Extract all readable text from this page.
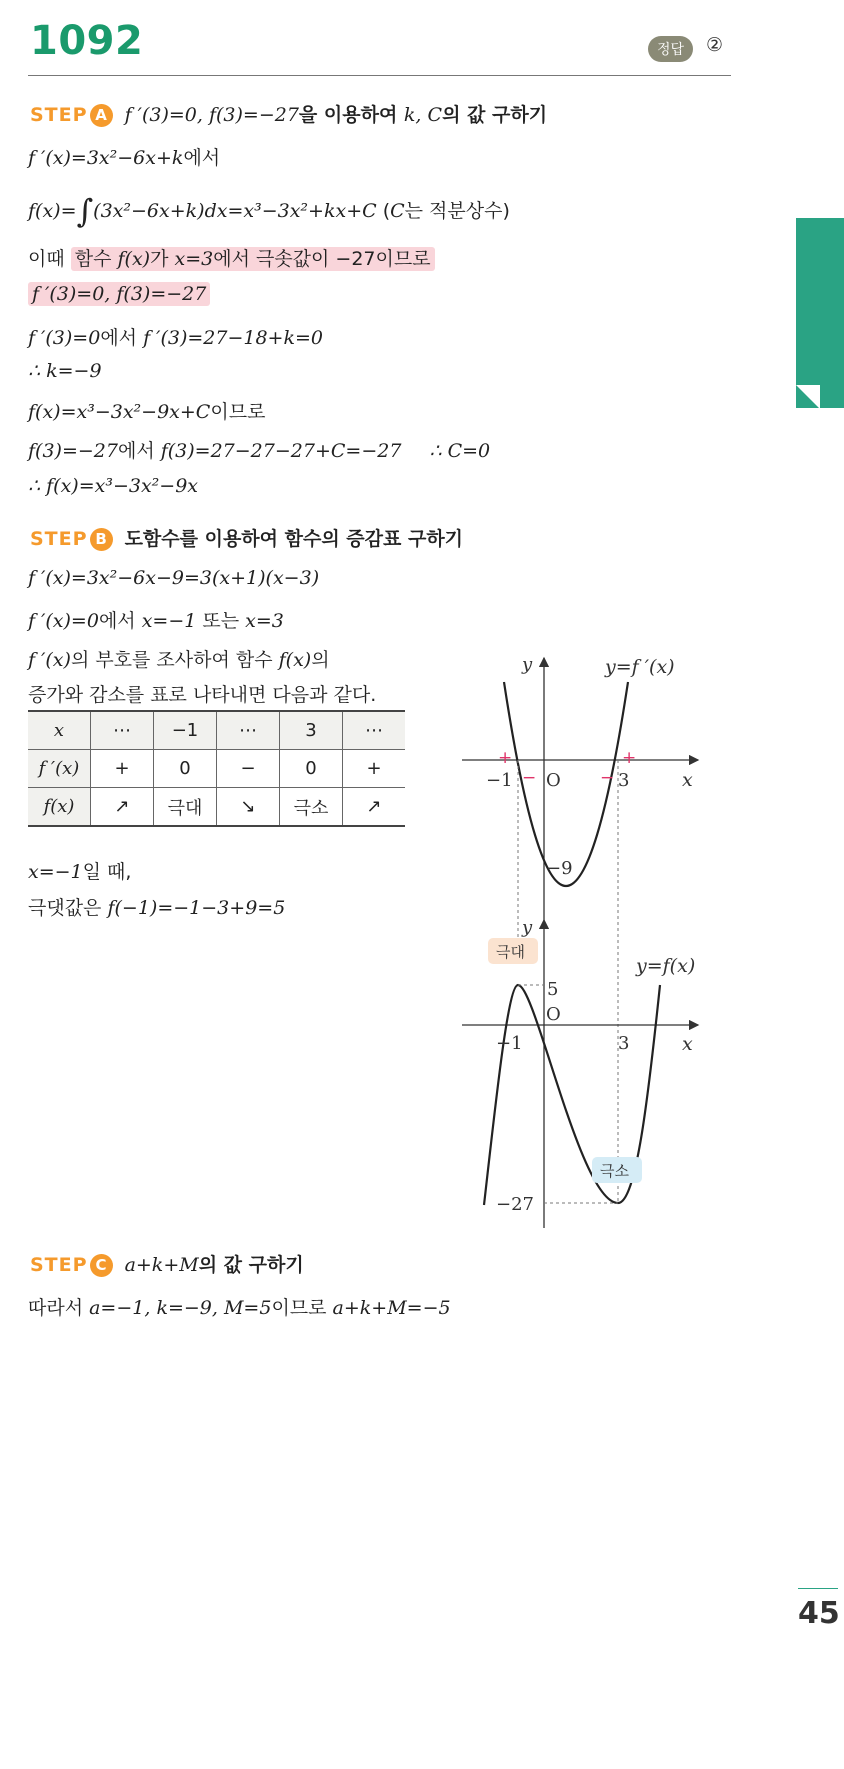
1092	정답	②
STEP A f ′(3)=0, f(3)=−27을 이용하여 k, C의 값 구하기
f ′(x)=3x²−6x+k에서
f(x)=∫(3x²−6x+k)dx=x³−3x²+kx+C (C는 적분상수)
이때 함수 f(x)가 x=3에서 극솟값이 −27이므로
f ′(3)=0, f(3)=−27
f ′(3)=0에서 f ′(3)=27−18+k=0
∴ k=−9
f(x)=x³−3x²−9x+C이므로
f(3)=−27에서 f(3)=27−27−27+C=−27 ∴ C=0
∴ f(x)=x³−3x²−9x
STEP B 도함수를 이용하여 함수의 증감표 구하기
f ′(x)=3x²−6x−9=3(x+1)(x−3)
f ′(x)=0에서 x=−1 또는 x=3
f ′(x)의 부호를 조사하여 함수 f(x)의
증가와 감소를 표로 나타내면 다음과 같다.
x	⋯	−1	⋯	3	⋯
f ′(x)	+	0	−	0	+
f(x)	↗	극대	↘	극소	↗
x=−1일 때,
극댓값은 f(−1)=−1−3+9=5
y	y=f ′(x)
x
O
−1	3
−9
+
−	−
+
y
y=f(x)
x
O
5
−1	3
−27
극대
극소
STEP C a+k+M의 값 구하기
따라서 a=−1, k=−9, M=5이므로 a+k+M=−5
45
